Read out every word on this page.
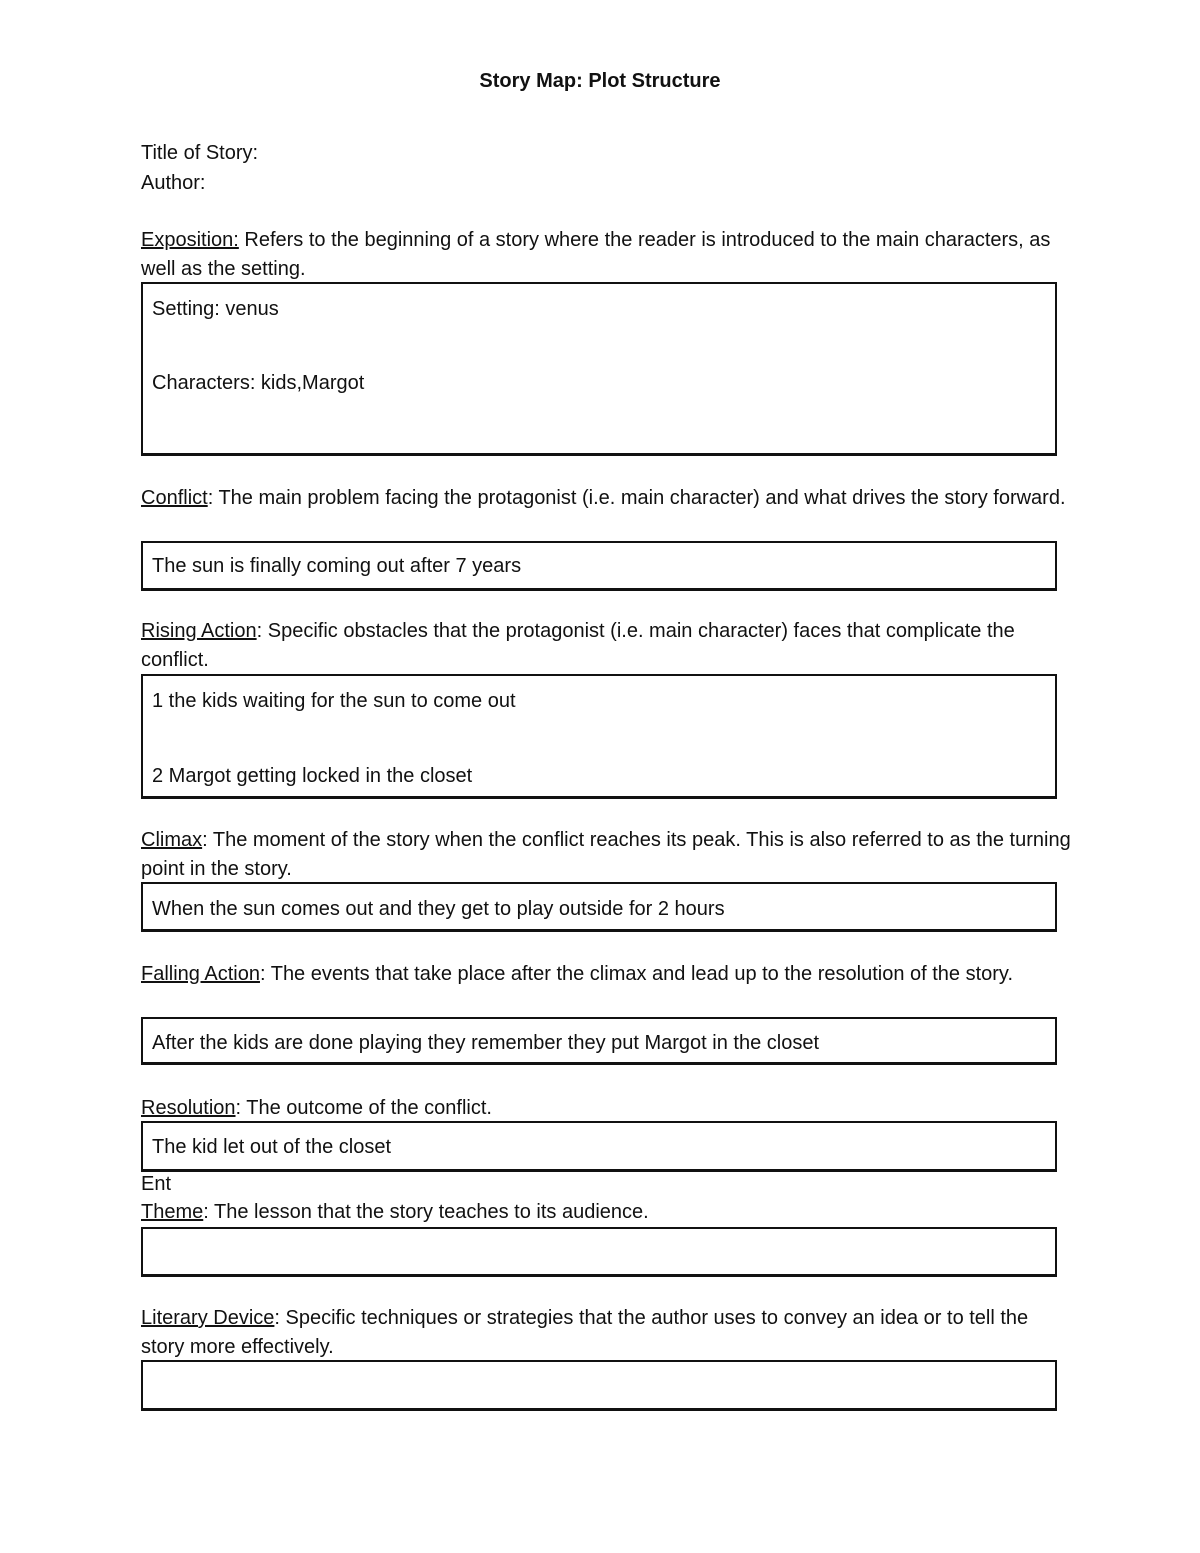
Story Map: Plot Structure
Title of Story:
Author:
Exposition: Refers to the beginning of a story where the reader is introduced to the main characters, as well as the setting.
Setting: venus
Characters: kids,Margot
Conflict: The main problem facing the protagonist (i.e. main character) and what drives the story forward.
The sun is finally coming out after 7 years
Rising Action: Specific obstacles that the protagonist (i.e. main character) faces that complicate the conflict.
1 the kids waiting for the sun to come out
2 Margot getting locked in the closet
Climax: The moment of the story when the conflict reaches its peak. This is also referred to as the turning point in the story.
When the sun comes out and they get to play outside for 2 hours
Falling Action: The events that take place after the climax and lead up to the resolution of the story.
After the kids are done playing they remember they put Margot in the closet
Resolution: The outcome of the conflict.
The kid let out of the closet
Ent
Theme: The lesson that the story teaches to its audience.
Literary Device: Specific techniques or strategies that the author uses to convey an idea or to tell the story more effectively.
